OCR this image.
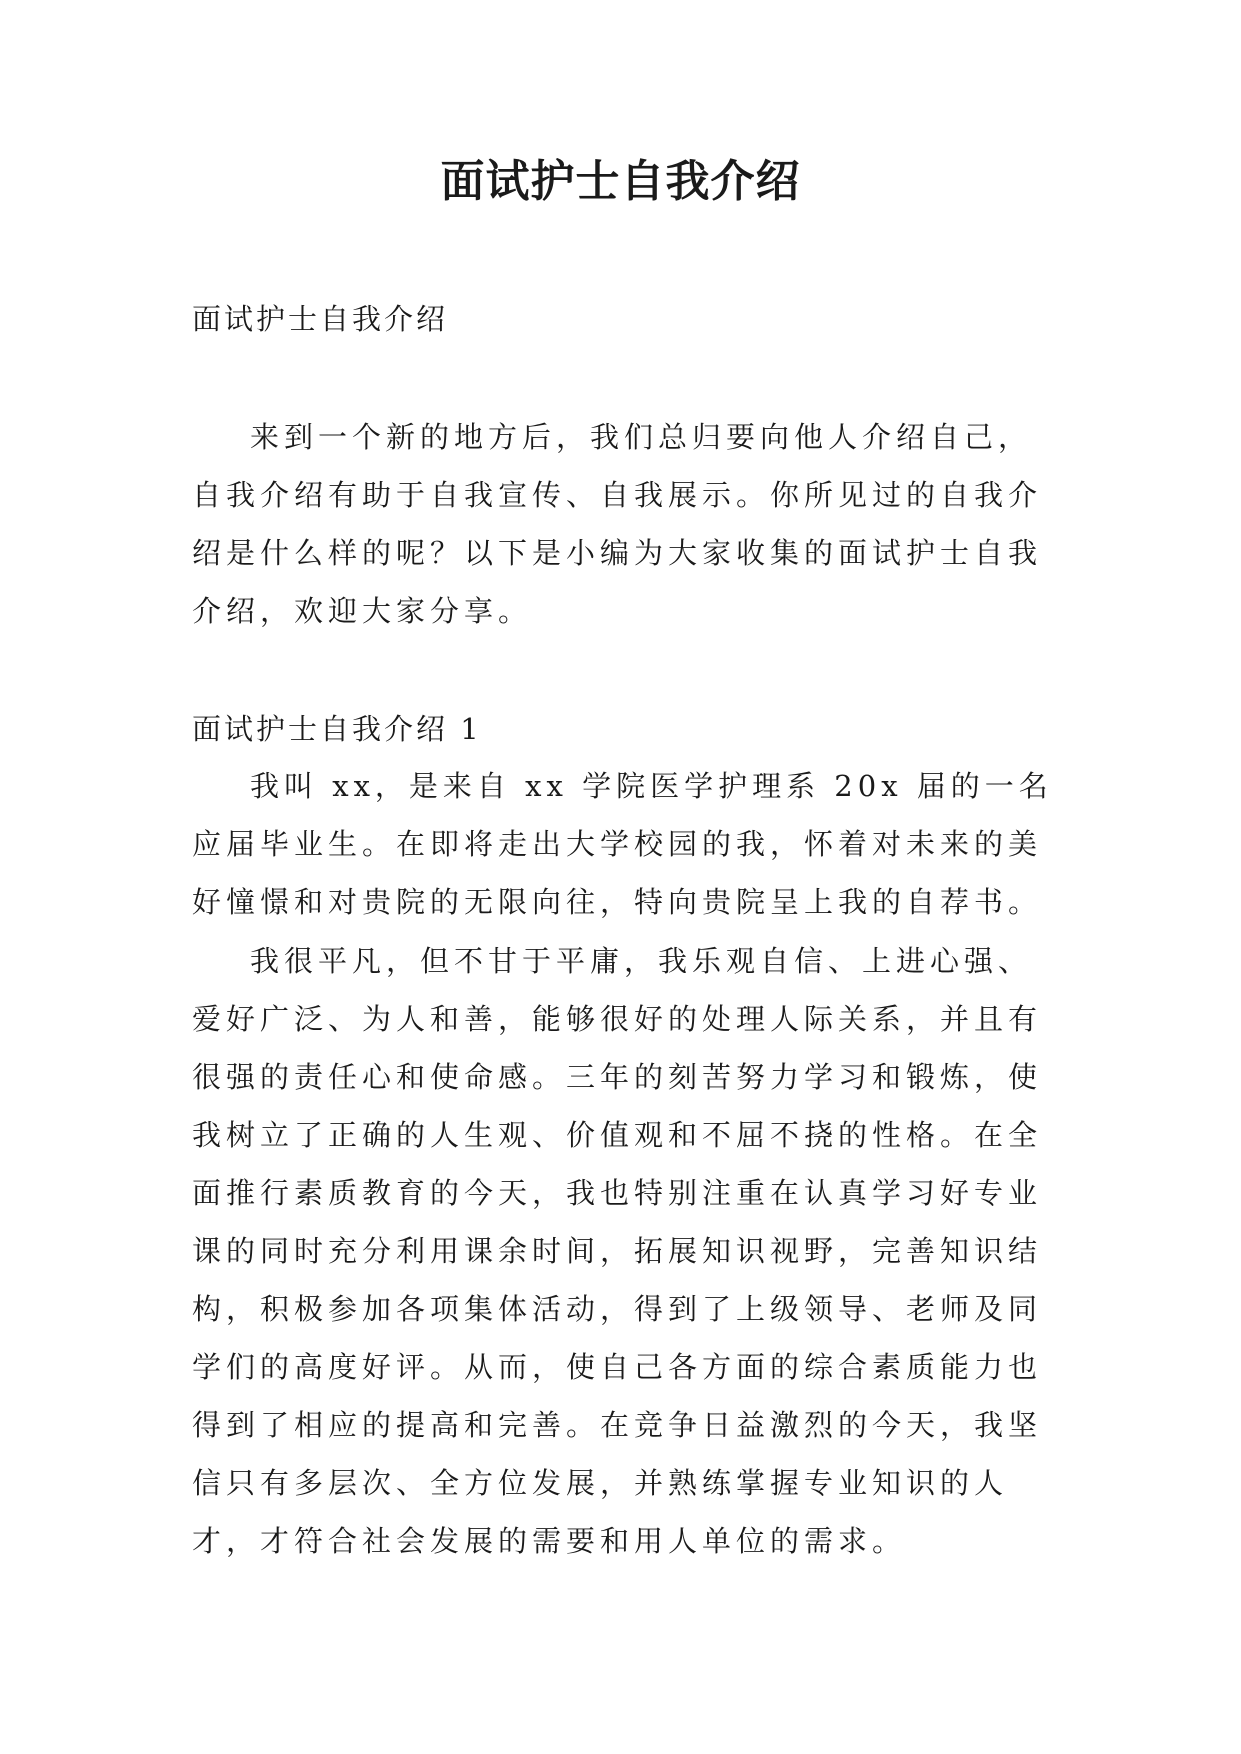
面试护士自我介绍

面试护士自我介绍

来到一个新的地方后，我们总归要向他人介绍自己，自我介绍有助于自我宣传、自我展示。你所见过的自我介绍是什么样的呢？以下是小编为大家收集的面试护士自我介绍，欢迎大家分享。

面试护士自我介绍 1

我叫 xx，是来自 xx 学院医学护理系 20x 届的一名应届毕业生。在即将走出大学校园的我，怀着对未来的美好憧憬和对贵院的无限向往，特向贵院呈上我的自荐书。

我很平凡，但不甘于平庸，我乐观自信、上进心强、爱好广泛、为人和善，能够很好的处理人际关系，并且有很强的责任心和使命感。三年的刻苦努力学习和锻炼，使我树立了正确的人生观、价值观和不屈不挠的性格。在全面推行素质教育的今天，我也特别注重在认真学习好专业课的同时充分利用课余时间，拓展知识视野，完善知识结构，积极参加各项集体活动，得到了上级领导、老师及同学们的高度好评。从而，使自己各方面的综合素质能力也得到了相应的提高和完善。在竞争日益激烈的今天，我坚信只有多层次、全方位发展，并熟练掌握专业知识的人才，才符合社会发展的需要和用人单位的需求。
